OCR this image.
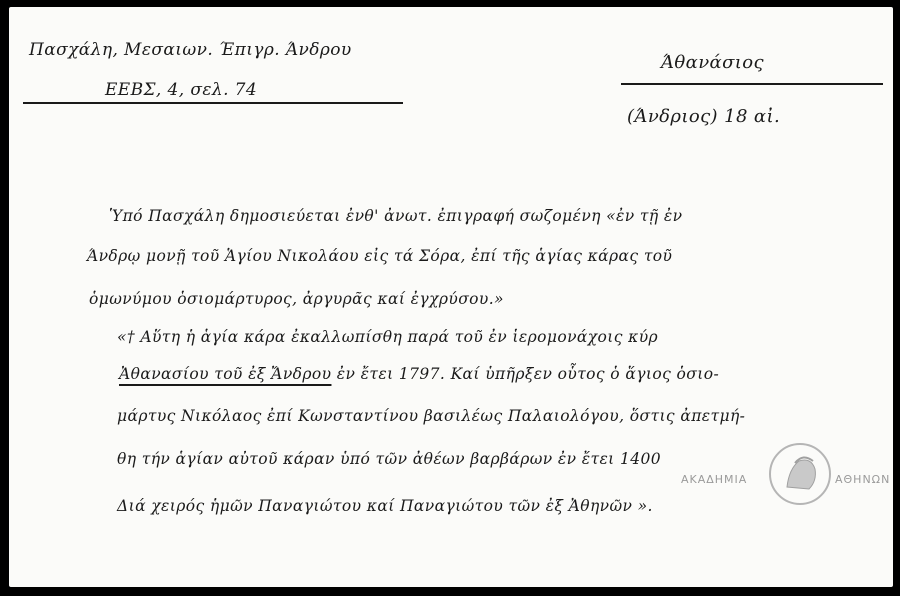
Πασχάλη, Μεσαιων. Έπιγρ. Άνδρου
ΕΕΒΣ, 4, σελ. 74
Άθανάσιος
(Άνδριος) 18 αἰ.
Ὑπό Πασχάλη δημοσιεύεται ἐνθ' ἀνωτ. ἐπιγραφή σωζομένη «ἐν τῇ ἐν
Άνδρῳ μονῇ τοῦ Ἁγίου Νικολάου εἰς τά Σόρα, ἐπί τῆς ἁγίας κάρας τοῦ
ὁμωνύμου ὁσιομάρτυρος, ἀργυρᾶς καί ἐγχρύσου.»
«† Αὕτη ἡ ἁγία κάρα ἐκαλλωπίσθη παρά τοῦ ἐν ἱερομονάχοις κύρ
Ἀθανασίου τοῦ ἐξ Ἄνδρου ἐν ἔτει 1797. Καί ὑπῆρξεν οὗτος ὁ ἅγιος ὁσιο-
μάρτυς Νικόλαος ἐπί Κωνσταντίνου βασιλέως Παλαιολόγου, ὅστις ἀπετμή-
θη τήν ἁγίαν αὐτοῦ κάραν ὑπό τῶν ἀθέων βαρβάρων ἐν ἔτει 1400
Διά χειρός ἡμῶν Παναγιώτου καί Παναγιώτου τῶν ἐξ Ἀθηνῶν ».
ΑΚΑΔΗΜΙΑ	ΑΘΗΝΩΝ
